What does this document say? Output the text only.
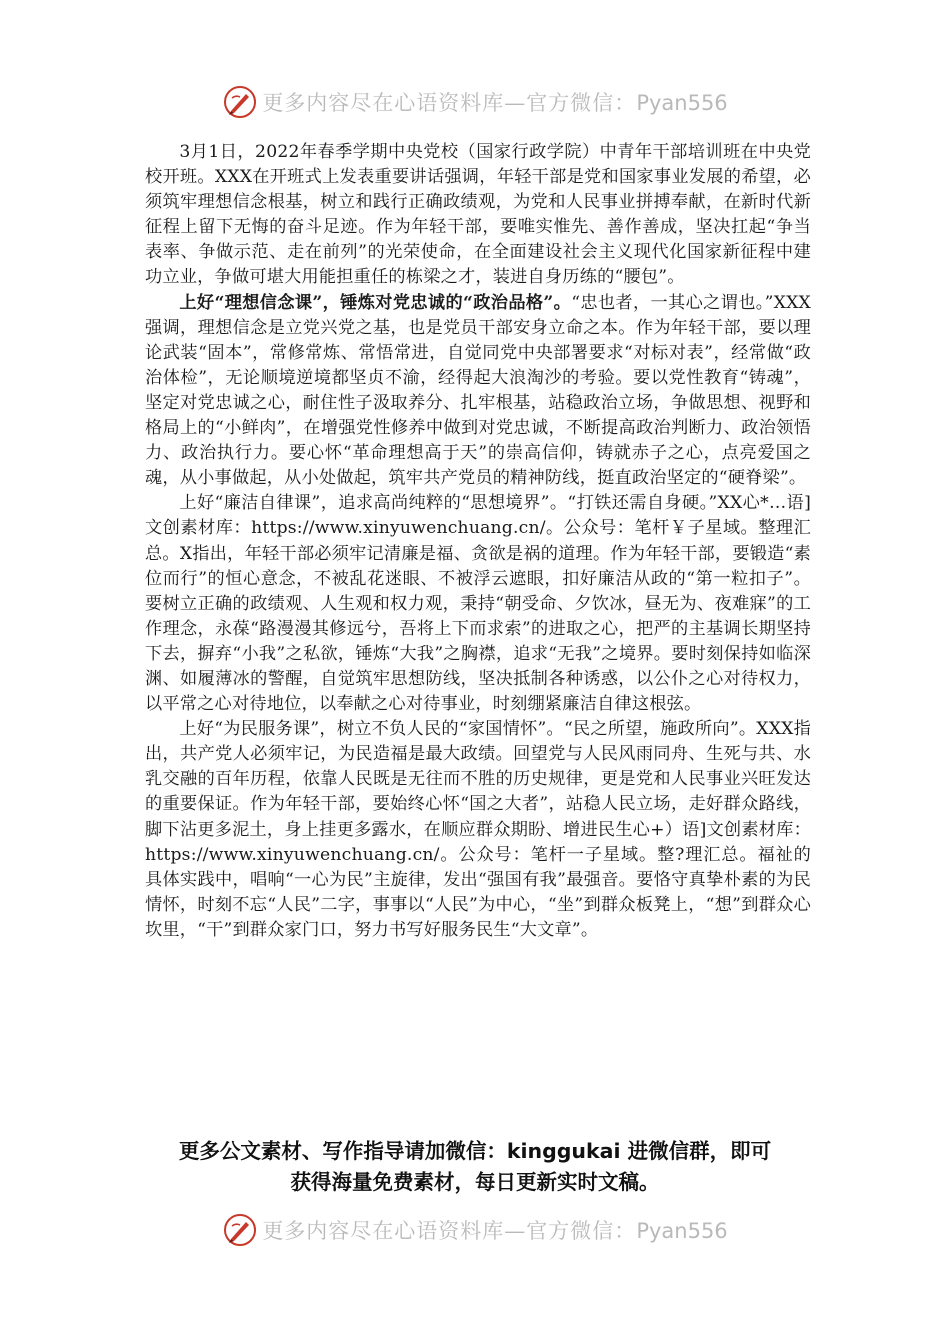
更多内容尽在心语资料库—官方微信：Pyan556

3月1日，2022年春季学期中央党校（国家行政学院）中青年干部培训班在中央党校开班。XXX在开班式上发表重要讲话强调，年轻干部是党和国家事业发展的希望，必须筑牢理想信念根基，树立和践行正确政绩观，为党和人民事业拼搏奉献，在新时代新征程上留下无悔的奋斗足迹。作为年轻干部，要唯实惟先、善作善成，坚决扛起“争当表率、争做示范、走在前列”的光荣使命，在全面建设社会主义现代化国家新征程中建功立业，争做可堪大用能担重任的栋梁之才，装进自身历练的“腰包”。

上好“理想信念课”，锤炼对党忠诚的“政治品格”。“忠也者，一其心之谓也。”XXX强调，理想信念是立党兴党之基，也是党员干部安身立命之本。作为年轻干部，要以理论武装“固本”，常修常炼、常悟常进，自觉同党中央部署要求“对标对表”，经常做“政治体检”，无论顺境逆境都坚贞不渝，经得起大浪淘沙的考验。要以党性教育“铸魂”，坚定对党忠诚之心，耐住性子汲取养分、扎牢根基，站稳政治立场，争做思想、视野和格局上的“小鲜肉”，在增强党性修养中做到对党忠诚，不断提高政治判断力、政治领悟力、政治执行力。要心怀“革命理想高于天”的崇高信仰，铸就赤子之心，点亮爱国之魂，从小事做起，从小处做起，筑牢共产党员的精神防线，挺直政治坚定的“硬脊梁”。

上好“廉洁自律课”，追求高尚纯粹的“思想境界”。“打铁还需自身硬。”XX心*…语]文创素材库：https://www.xinyuwenchuang.cn/。公众号：笔杆￥子星域。整理汇总。X指出，年轻干部必须牢记清廉是福、贪欲是祸的道理。作为年轻干部，要锻造“素位而行”的恒心意念，不被乱花迷眼、不被浮云遮眼，扣好廉洁从政的“第一粒扣子”。要树立正确的政绩观、人生观和权力观，秉持“朝受命、夕饮冰，昼无为、夜难寐”的工作理念，永葆“路漫漫其修远兮，吾将上下而求索”的进取之心，把严的主基调长期坚持下去，摒弃“小我”之私欲，锤炼“大我”之胸襟，追求“无我”之境界。要时刻保持如临深渊、如履薄冰的警醒，自觉筑牢思想防线，坚决抵制各种诱惑，以公仆之心对待权力，以平常之心对待地位，以奉献之心对待事业，时刻绷紧廉洁自律这根弦。

上好“为民服务课”，树立不负人民的“家国情怀”。“民之所望，施政所向”。XXX指出，共产党人必须牢记，为民造福是最大政绩。回望党与人民风雨同舟、生死与共、水乳交融的百年历程，依靠人民既是无往而不胜的历史规律，更是党和人民事业兴旺发达的重要保证。作为年轻干部，要始终心怀“国之大者”，站稳人民立场，走好群众路线，脚下沾更多泥土，身上挂更多露水，在顺应群众期盼、增进民生心+）语]文创素材库：https://www.xinyuwenchuang.cn/。公众号：笔杆一子星域。整?理汇总。福祉的具体实践中，唱响“一心为民”主旋律，发出“强国有我”最强音。要恪守真挚朴素的为民情怀，时刻不忘“人民”二字，事事以“人民”为中心，“坐”到群众板凳上，“想”到群众心坎里，“干”到群众家门口，努力书写好服务民生“大文章”。

更多公文素材、写作指导请加微信：kinggukai 进微信群，即可
获得海量免费素材，每日更新实时文稿。
更多内容尽在心语资料库—官方微信：Pyan556
